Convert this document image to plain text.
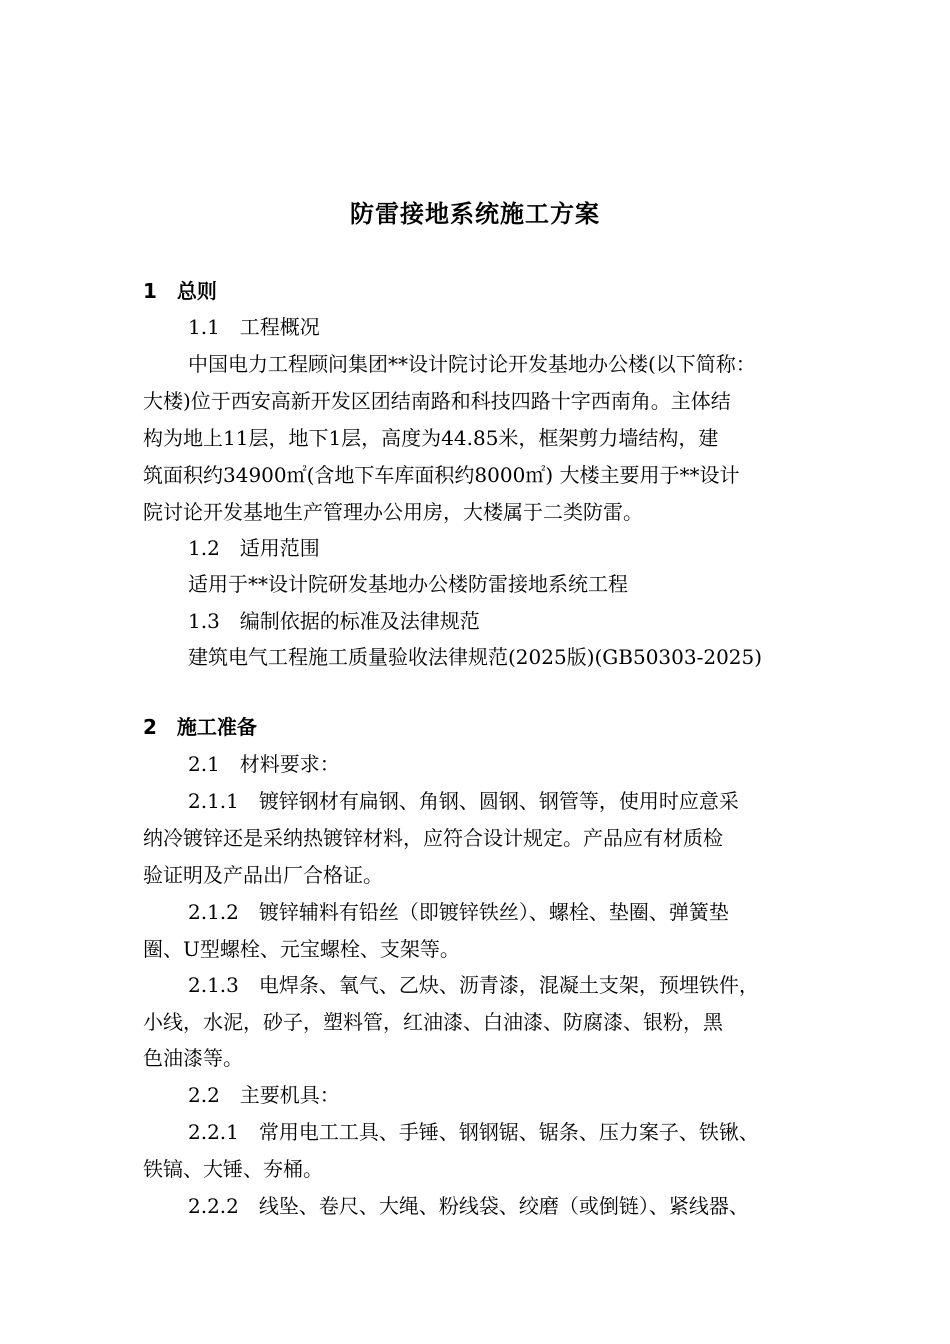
防雷接地系统施工方案
1　总则
1.1　工程概况
中国电力工程顾问集团**设计院讨论开发基地办公楼(以下简称：
大楼)位于西安高新开发区团结南路和科技四路十字西南角。主体结
构为地上11层，地下1层，高度为44.85米，框架剪力墙结构，建
筑面积约34900㎡(含地下车库面积约8000㎡) 大楼主要用于**设计
院讨论开发基地生产管理办公用房，大楼属于二类防雷。
1.2　适用范围
适用于**设计院研发基地办公楼防雷接地系统工程
1.3　编制依据的标准及法律规范
建筑电气工程施工质量验收法律规范(2025版)(GB50303-2025)
2　施工准备
2.1　材料要求：
2.1.1　镀锌钢材有扁钢、角钢、圆钢、钢管等，使用时应意采
纳冷镀锌还是采纳热镀锌材料，应符合设计规定。产品应有材质检
验证明及产品出厂合格证。
2.1.2　镀锌辅料有铅丝（即镀锌铁丝）、螺栓、垫圈、弹簧垫
圈、U型螺栓、元宝螺栓、支架等。
2.1.3　电焊条、氧气、乙炔、沥青漆，混凝土支架，预埋铁件，
小线，水泥，砂子，塑料管，红油漆、白油漆、防腐漆、银粉，黑
色油漆等。
2.2　主要机具：
2.2.1　常用电工工具、手锤、钢钢锯、锯条、压力案子、铁锹、
铁镐、大锤、夯桶。
2.2.2　线坠、卷尺、大绳、粉线袋、绞磨（或倒链）、紧线器、
